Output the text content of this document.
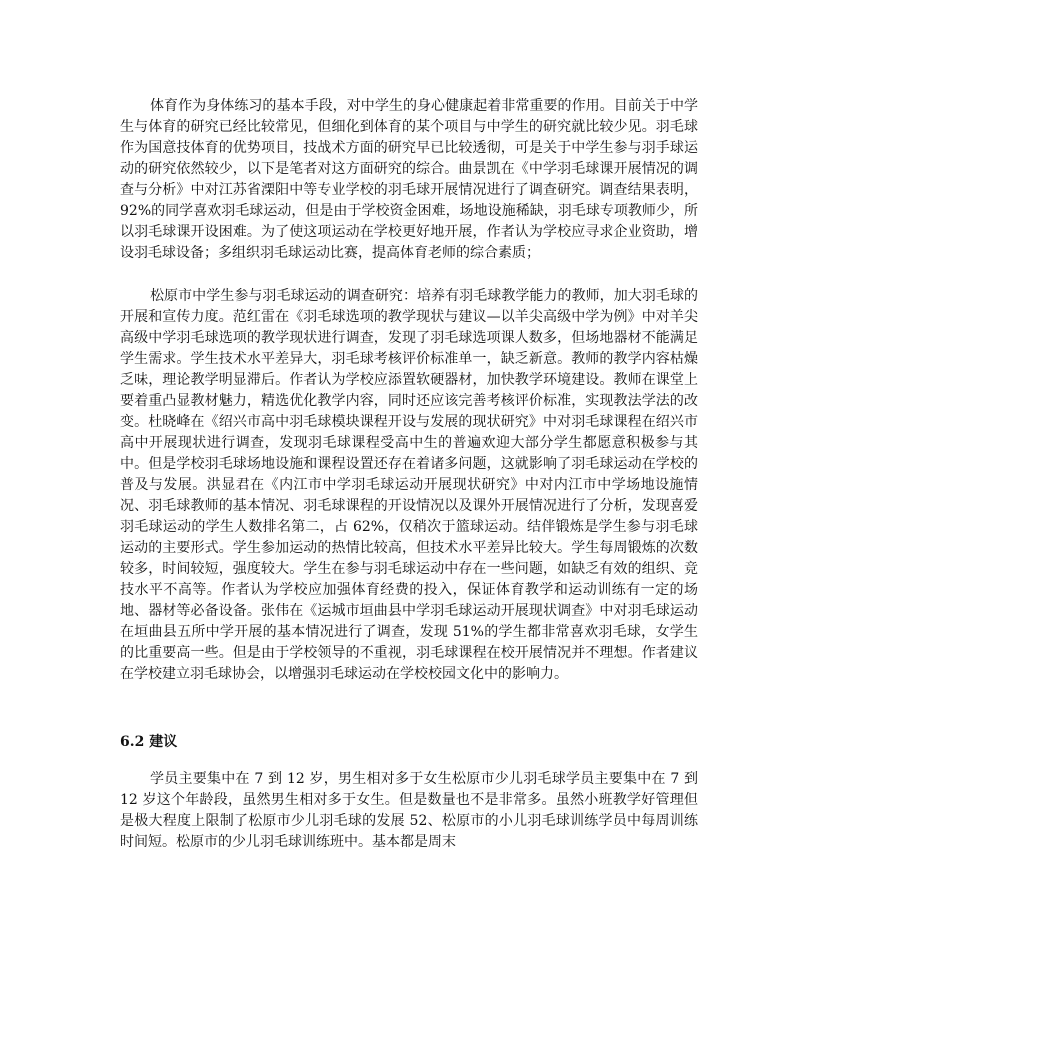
体育作为身体练习的基本手段，对中学生的身心健康起着非常重要的作用。目前关于中学生与体育的研究已经比较常见，但细化到体育的某个项目与中学生的研究就比较少见。羽毛球作为国意技体育的优势项目，技战术方面的研究早已比较透彻，可是关于中学生参与羽手球运动的研究依然较少，以下是笔者对这方面研究的综合。曲景凯在《中学羽毛球课开展情况的调查与分析》中对江苏省溧阳中等专业学校的羽毛球开展情况进行了调查研究。调查结果表明，92%的同学喜欢羽毛球运动，但是由于学校资金困难，场地设施稀缺，羽毛球专项教师少，所以羽毛球课开设困难。为了使这项运动在学校更好地开展，作者认为学校应寻求企业资助，增设羽毛球设备；多组织羽毛球运动比赛，提高体育老师的综合素质；

松原市中学生参与羽毛球运动的调查研究：培养有羽毛球教学能力的教师，加大羽毛球的开展和宣传力度。范红雷在《羽毛球选项的教学现状与建议—以羊尖高级中学为例》中对羊尖高级中学羽毛球选项的教学现状进行调查，发现了羽毛球选项课人数多，但场地器材不能满足学生需求。学生技术水平差异大，羽毛球考核评价标准单一，缺乏新意。教师的教学内容枯燥乏味，理论教学明显滞后。作者认为学校应添置软硬器材，加快教学环境建设。教师在课堂上要着重凸显教材魅力，精选优化教学内容，同时还应该完善考核评价标准，实现教法学法的改变。杜晓峰在《绍兴市高中羽毛球模块课程开设与发展的现状研究》中对羽毛球课程在绍兴市高中开展现状进行调查，发现羽毛球课程受高中生的普遍欢迎大部分学生都愿意积极参与其中。但是学校羽毛球场地设施和课程设置还存在着诸多问题，这就影响了羽毛球运动在学校的普及与发展。洪显君在《内江市中学羽毛球运动开展现状研究》中对内江市中学场地设施情况、羽毛球教师的基本情况、羽毛球课程的开设情况以及课外开展情况进行了分析，发现喜爱羽毛球运动的学生人数排名第二，占 62%，仅稍次于篮球运动。结伴锻炼是学生参与羽毛球运动的主要形式。学生参加运动的热情比较高，但技术水平差异比较大。学生每周锻炼的次数较多，时间较短，强度较大。学生在参与羽毛球运动中存在一些问题，如缺乏有效的组织、竞技水平不高等。作者认为学校应加强体育经费的投入，保证体育教学和运动训练有一定的场地、器材等必备设备。张伟在《运城市垣曲县中学羽毛球运动开展现状调查》中对羽毛球运动在垣曲县五所中学开展的基本情况进行了调查，发现 51%的学生都非常喜欢羽毛球，女学生的比重要高一些。但是由于学校领导的不重视，羽毛球课程在校开展情况并不理想。作者建议在学校建立羽毛球协会，以增强羽毛球运动在学校校园文化中的影响力。

6.2 建议

学员主要集中在 7 到 12 岁，男生相对多于女生松原市少儿羽毛球学员主要集中在 7 到 12 岁这个年龄段，虽然男生相对多于女生。但是数量也不是非常多。虽然小班教学好管理但是极大程度上限制了松原市少儿羽毛球的发展 52、松原市的小儿羽毛球训练学员中每周训练时间短。松原市的少儿羽毛球训练班中。基本都是周末
